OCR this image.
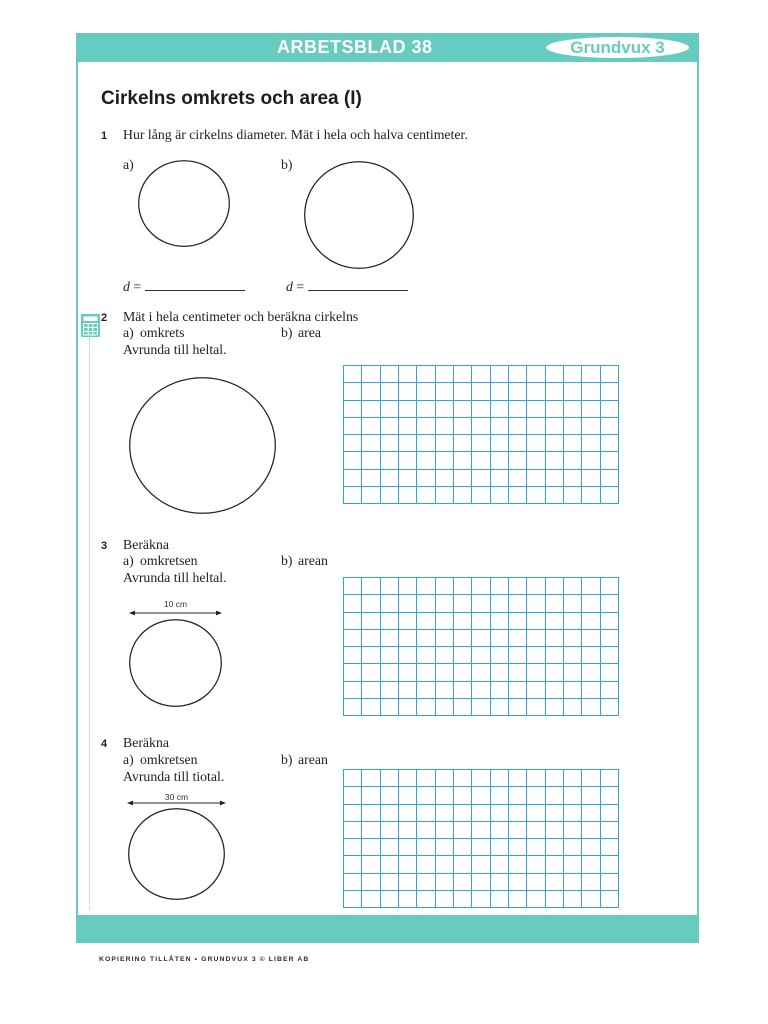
ARBETSBLAD 38	Grundvux 3
Cirkelns omkrets och area (I)
1 Hur lång är cirkelns diameter. Mät i hela och halva centimeter.
a)	b)
d =	d =
2 Mät i hela centimeter och beräkna cirkelns
a) omkrets	b) area
Avrunda till heltal.
3 Beräkna
a) omkretsen	b) arean
Avrunda till heltal.
10 cm
4 Beräkna
a) omkretsen	b) arean
Avrunda till tiotal.
30 cm
KOPIERING TILLÅTEN • GRUNDVUX 3 © LIBER AB
